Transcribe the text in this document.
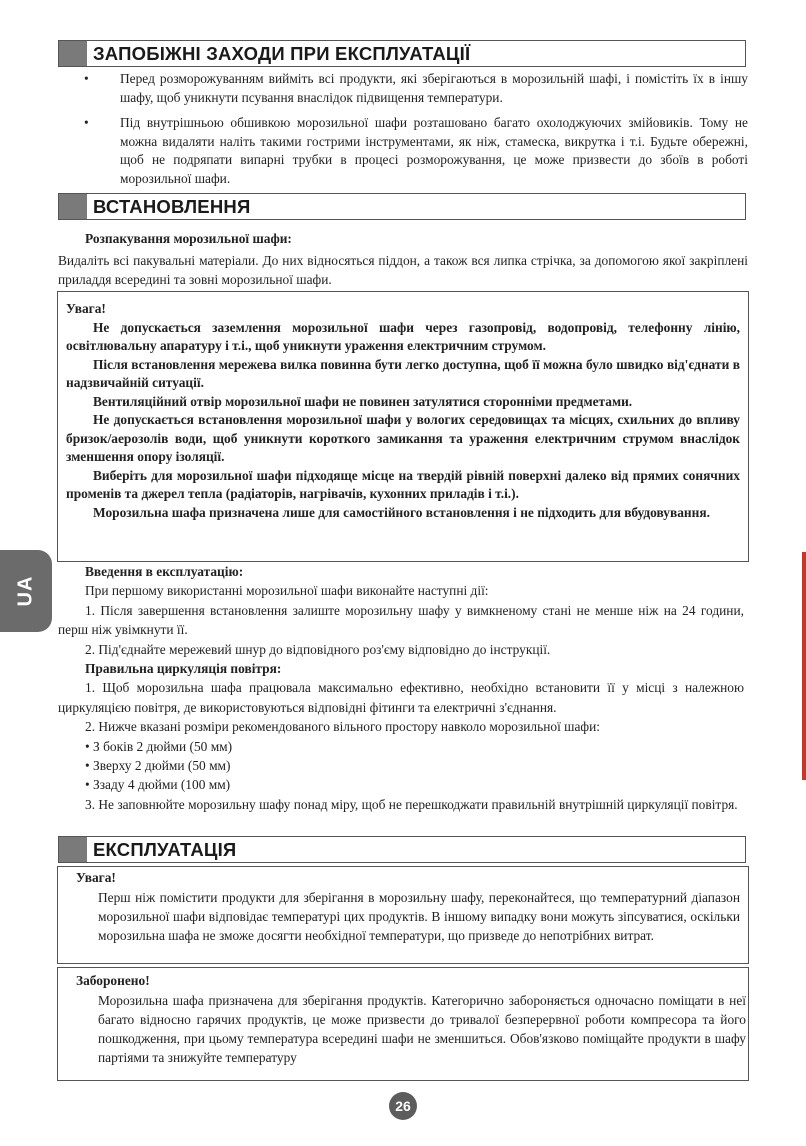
ЗАПОБІЖНІ ЗАХОДИ ПРИ ЕКСПЛУАТАЦІЇ
•	Перед розморожуванням вийміть всі продукти, які зберігаються в морозильній шафі, і помістіть їх в іншу шафу, щоб уникнути псування внаслідок підвищення температури.
•	Під внутрішньою обшивкою морозильної шафи розташовано багато охолоджуючих змійовиків. Тому не можна видаляти наліть такими гострими інструментами, як ніж, стамеска, викрутка і т.і. Будьте обережні, щоб не подряпати випарні трубки в процесі розморожування, це може призвести до збоїв в роботі морозильної шафи.
ВСТАНОВЛЕННЯ
Розпакування морозильної шафи:
Видаліть всі пакувальні матеріали. До них відносяться піддон, а також вся липка стрічка, за допомогою якої закріплені приладдя всередині та зовні морозильної шафи.
Увага!
Не допускається заземлення морозильної шафи через газопровід, водопровід, телефонну лінію, освітлювальну апаратуру і т.і., щоб уникнути ураження електричним струмом.
Після встановлення мережева вилка повинна бути легко доступна, щоб її можна було швидко від'єднати в надзвичайній ситуації.
Вентиляційний отвір морозильної шафи не повинен затулятися сторонніми предметами.
Не допускається встановлення морозильної шафи у вологих середовищах та місцях, схильних до впливу бризок/аерозолів води, щоб уникнути короткого замикання та ураження електричним струмом внаслідок зменшення опору ізоляції.
Виберіть для морозильної шафи підходяще місце на твердій рівній поверхні далеко від прямих сонячних променів та джерел тепла (радіаторів, нагрівачів, кухонних приладів і т.і.).
Морозильна шафа призначена лише для самостійного встановлення і не підходить для вбудовування.
Введення в експлуатацію:
При першому використанні морозильної шафи виконайте наступні дії:
1. Після завершення встановлення залиште морозильну шафу у вимкненому стані не менше ніж на 24 години, перш ніж увімкнути її.
2. Під'єднайте мережевий шнур до відповідного роз'єму відповідно до інструкції.
Правильна циркуляція повітря:
1. Щоб морозильна шафа працювала максимально ефективно, необхідно встановити її у місці з належною циркуляцією повітря, де використовуються відповідні фітинги та електричні з'єднання.
2. Нижче вказані розміри рекомендованого вільного простору навколо морозильної шафи:
• З боків 2 дюйми (50 мм)
• Зверху 2 дюйми (50 мм)
• Ззаду 4 дюйми (100 мм)
3. Не заповнюйте морозильну шафу понад міру, щоб не перешкоджати правильній внутрішній циркуляції повітря.
ЕКСПЛУАТАЦІЯ
Увага!
Перш ніж помістити продукти для зберігання в морозильну шафу, переконайтеся, що температурний діапазон морозильної шафи відповідає температурі цих продуктів. В іншому випадку вони можуть зіпсуватися, оскільки морозильна шафа не зможе досягти необхідної температури, що призведе до непотрібних витрат.
Заборонено!
Морозильна шафа призначена для зберігання продуктів. Категорично забороняється одночасно поміщати в неї багато відносно гарячих продуктів, це може призвести до тривалої безперервної роботи компресора та його пошкодження, при цьому температура всередині шафи не зменшиться. Обов'язково поміщайте продукти в шафу партіями та знижуйте температуру
UA
26
